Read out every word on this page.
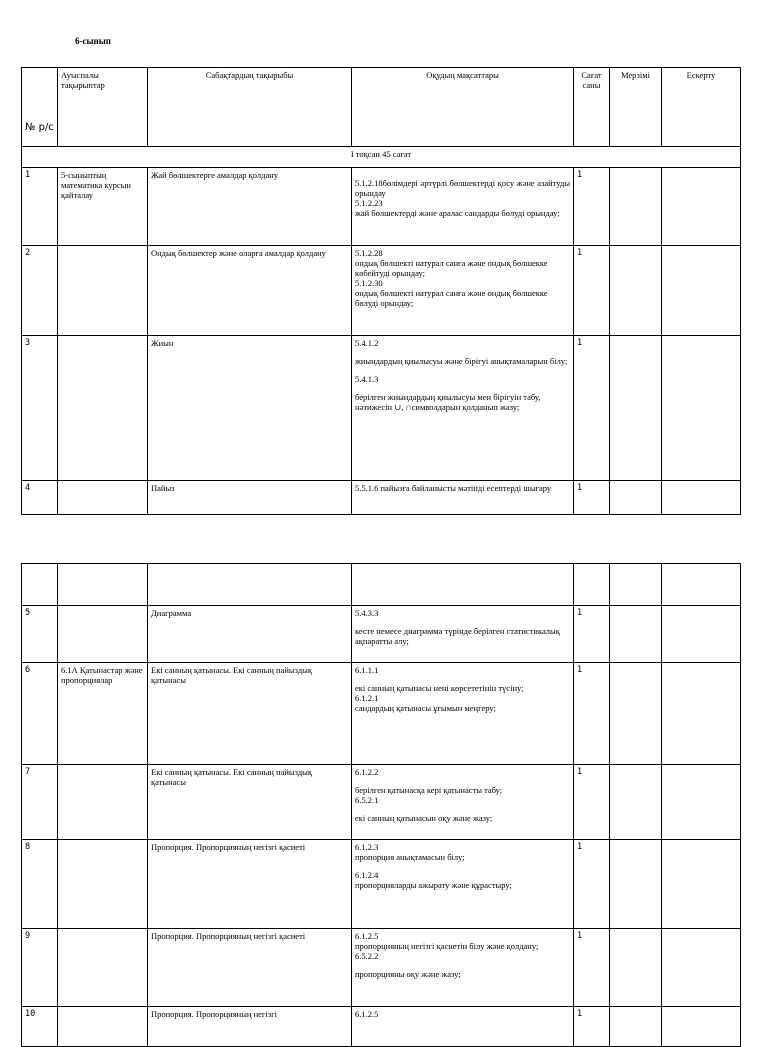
6-сынып
№ р/с	Ауыспалы тақырыптар	Сабақтардың тақырыбы	Оқудың мақсаттары	Сағат саны	Мерзімі	Ескерту
I тоқсан 45 сағат						
1	5-сыныптың математика курсын қайталау	Жай бөлшектерге амалдар қолдану	5.1.2.18бөлімдері әртүрлі бөлшектерді қосу және азайтуды орындау

5.1.2.23

жай бөлшектерді және аралас сандарды бөлуді орындау;	1		
2		Ондық бөлшектер және оларға амалдар қолдану	5.1.2.28

ондық бөлшекті натурал санға және ондық бөлшекке көбейтуді орындау;

5.1.2.30

ондық бөлшекті натурал санға және ондық бөлшекке бөлуді орындау;	1		
3		Жиын	5.4.1.2

жиындардың қиылысуы және бірігуі анықтамаларын білу;

5.4.1.3

берілген жиындардың қиылысуы мен бірігуін табу, нәтижесін ∪, ∩символдарын қолданып жазу;	1		
4		Пайыз	5.5.1.6 пайызға байланысты мәтінді есептерді шығару	1		

5		Диаграмма	5.4.3.3

кесте немесе диаграмма түрінде берілген статистикалық ақпаратты алу;	1		
6	6.1А Қатынастар және пропорциялар	Екі санның қатынасы. Екі санның пайыздық қатынасы	6.1.1.1

екі санның қатынасы нені көрсететінін түсіну;

6.1.2.1

сандардың қатынасы ұғымын меңгеру;	1		
7		Екі санның қатынасы. Екі санның пайыздық қатынасы	6.1.2.2

берілген қатынасқа кері қатынасты табу;

6.5.2.1

екі санның қатынасын оқу және жазу;	1		
8		Пропорция. Пропорцияның негізгі қасиеті	6.1.2.3

пропорция анықтамасын білу;

6.1.2.4

пропорцияларды ажырату және құрастыру;	1		
9		Пропорция. Пропорцияның негізгі қасиеті	6.1.2.5

пропорцияның негізгі қасиетін білу және қолдану;

6.5.2.2

пропорцияны оқу және жазу;	1		
10		Пропорция. Пропорцияның негізгі	6.1.2.5	1		
